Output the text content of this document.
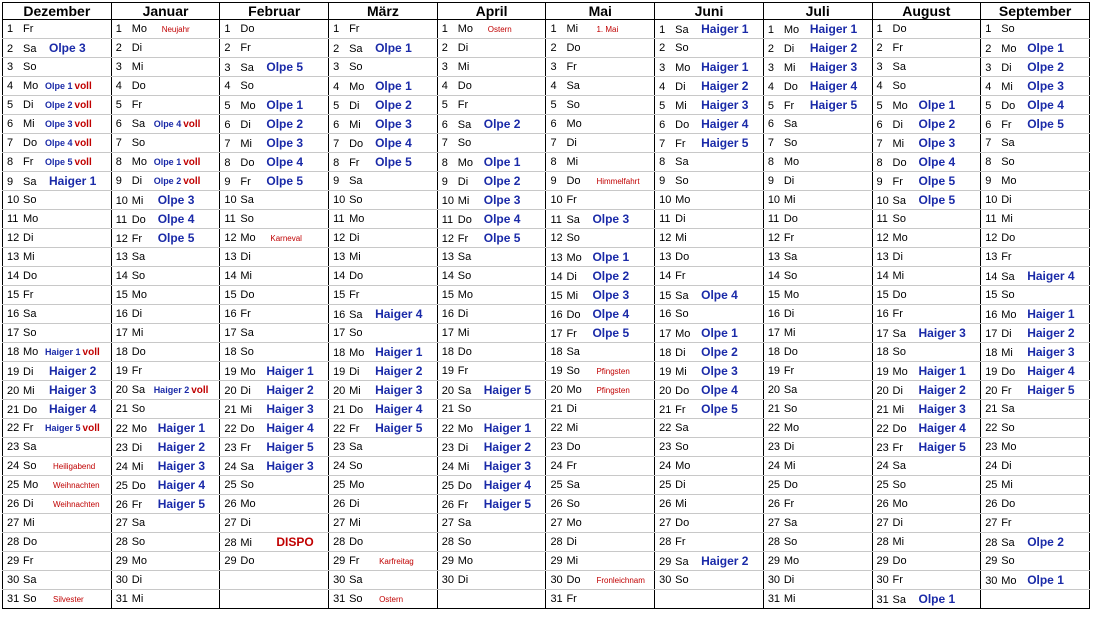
Dezember	Januar	Februar	März	April	Mai	Juni	Juli	August	September
1 Fr	1 Mo Neujahr	1 Do	1 Fr	1 Mo Ostern	1 Mi 1. Mai	1 Sa Haiger 1	1 Mo Haiger 1	1 Do	1 So
2 Sa Olpe 3	2 Di	2 Fr	2 Sa Olpe 1	2 Di	2 Do	2 So	2 Di Haiger 2	2 Fr	2 Mo Olpe 1
3 So	3 Mi	3 Sa Olpe 5	3 So	3 Mi	3 Fr	3 Mo Haiger 1	3 Mi Haiger 3	3 Sa	3 Di Olpe 2
4 Mo Olpe 1 voll	4 Do	4 So	4 Mo Olpe 1	4 Do	4 Sa	4 Di Haiger 2	4 Do Haiger 4	4 So	4 Mi Olpe 3
5 Di Olpe 2 voll	5 Fr	5 Mo Olpe 1	5 Di Olpe 2	5 Fr	5 So	5 Mi Haiger 3	5 Fr Haiger 5	5 Mo Olpe 1	5 Do Olpe 4
6 Mi Olpe 3 voll	6 Sa Olpe 4 voll	6 Di Olpe 2	6 Mi Olpe 3	6 Sa Olpe 2	6 Mo	6 Do Haiger 4	6 Sa	6 Di Olpe 2	6 Fr Olpe 5
7 Do Olpe 4 voll	7 So	7 Mi Olpe 3	7 Do Olpe 4	7 So	7 Di	7 Fr Haiger 5	7 So	7 Mi Olpe 3	7 Sa
8 Fr Olpe 5 voll	8 Mo Olpe 1 voll	8 Do Olpe 4	8 Fr Olpe 5	8 Mo Olpe 1	8 Mi	8 Sa	8 Mo	8 Do Olpe 4	8 So
9 Sa Haiger 1	9 Di Olpe 2 voll	9 Fr Olpe 5	9 Sa	9 Di Olpe 2	9 Do Himmelfahrt	9 So	9 Di	9 Fr Olpe 5	9 Mo
10 So	10 Mi Olpe 3	10 Sa	10 So	10 Mi Olpe 3	10 Fr	10 Mo	10 Mi	10 Sa Olpe 5	10 Di
11 Mo	11 Do Olpe 4	11 So	11 Mo	11 Do Olpe 4	11 Sa Olpe 3	11 Di	11 Do	11 So	11 Mi
12 Di	12 Fr Olpe 5	12 Mo Karneval	12 Di	12 Fr Olpe 5	12 So	12 Mi	12 Fr	12 Mo	12 Do
13 Mi	13 Sa	13 Di	13 Mi	13 Sa	13 Mo Olpe 1	13 Do	13 Sa	13 Di	13 Fr
14 Do	14 So	14 Mi	14 Do	14 So	14 Di Olpe 2	14 Fr	14 So	14 Mi	14 Sa Haiger 4
15 Fr	15 Mo	15 Do	15 Fr	15 Mo	15 Mi Olpe 3	15 Sa Olpe 4	15 Mo	15 Do	15 So
16 Sa	16 Di	16 Fr	16 Sa Haiger 4	16 Di	16 Do Olpe 4	16 So	16 Di	16 Fr	16 Mo Haiger 1
17 So	17 Mi	17 Sa	17 So	17 Mi	17 Fr Olpe 5	17 Mo Olpe 1	17 Mi	17 Sa Haiger 3	17 Di Haiger 2
18 Mo Haiger 1 voll	18 Do	18 So	18 Mo Haiger 1	18 Do	18 Sa	18 Di Olpe 2	18 Do	18 So	18 Mi Haiger 3
19 Di Haiger 2	19 Fr	19 Mo Haiger 1	19 Di Haiger 2	19 Fr	19 So Pfingsten	19 Mi Olpe 3	19 Fr	19 Mo Haiger 1	19 Do Haiger 4
20 Mi Haiger 3	20 Sa Haiger 2 voll	20 Di Haiger 2	20 Mi Haiger 3	20 Sa Haiger 5	20 Mo Pfingsten	20 Do Olpe 4	20 Sa	20 Di Haiger 2	20 Fr Haiger 5
21 Do Haiger 4	21 So	21 Mi Haiger 3	21 Do Haiger 4	21 So	21 Di	21 Fr Olpe 5	21 So	21 Mi Haiger 3	21 Sa
22 Fr Haiger 5 voll	22 Mo Haiger 1	22 Do Haiger 4	22 Fr Haiger 5	22 Mo Haiger 1	22 Mi	22 Sa	22 Mo	22 Do Haiger 4	22 So
23 Sa	23 Di Haiger 2	23 Fr Haiger 5	23 Sa	23 Di Haiger 2	23 Do	23 So	23 Di	23 Fr Haiger 5	23 Mo
24 So Heiligabend	24 Mi Haiger 3	24 Sa Haiger 3	24 So	24 Mi Haiger 3	24 Fr	24 Mo	24 Mi	24 Sa	24 Di
25 Mo Weihnachten	25 Do Haiger 4	25 So	25 Mo	25 Do Haiger 4	25 Sa	25 Di	25 Do	25 So	25 Mi
26 Di Weihnachten	26 Fr Haiger 5	26 Mo	26 Di	26 Fr Haiger 5	26 So	26 Mi	26 Fr	26 Mo	26 Do
27 Mi	27 Sa	27 Di	27 Mi	27 Sa	27 Mo	27 Do	27 Sa	27 Di	27 Fr
28 Do	28 So	28 Mi DISPO	28 Do	28 So	28 Di	28 Fr	28 So	28 Mi	28 Sa Olpe 2
29 Fr	29 Mo	29 Do	29 Fr Karfreitag	29 Mo	29 Mi	29 Sa Haiger 2	29 Mo	29 Do	29 So
30 Sa	30 Di		30 Sa	30 Di	30 Do Fronleichnam	30 So	30 Di	30 Fr	30 Mo Olpe 1
31 So Silvester	31 Mi		31 So Ostern		31 Fr		31 Mi	31 Sa Olpe 1	
